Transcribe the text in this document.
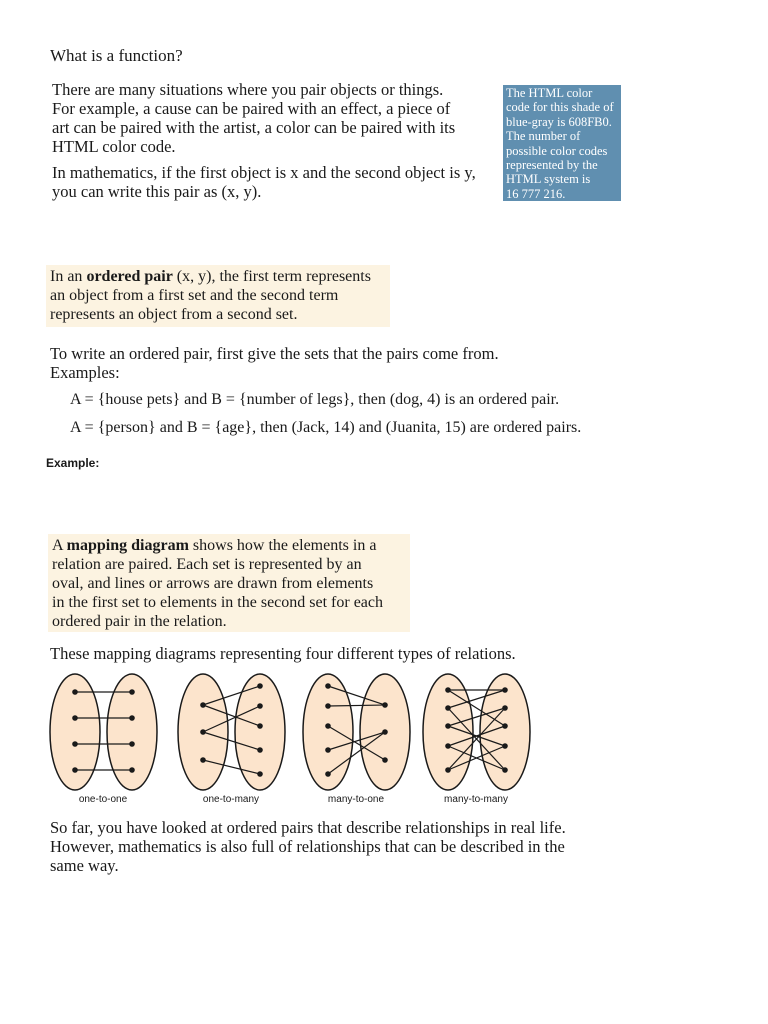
What is a function?
There are many situations where you pair objects or things.
For example, a cause can be paired with an effect, a piece of
art can be paired with the artist, a color can be paired with its
HTML color code.
In mathematics, if the first object is x and the second object is y,
you can write this pair as (x, y).
The HTML color
code for this shade of
blue-gray is 608FB0.
The number of
possible color codes
represented by the
HTML system is
16 777 216.
In an ordered pair (x, y), the first term represents
an object from a first set and the second term
represents an object from a second set.
To write an ordered pair, first give the sets that the pairs come from.
Examples:
A = {house pets} and B = {number of legs}, then (dog, 4) is an ordered pair.
A = {person} and B = {age}, then (Jack, 14) and (Juanita, 15) are ordered pairs.
Example:
A mapping diagram shows how the elements in a
relation are paired. Each set is represented by an
oval, and lines or arrows are drawn from elements
in the first set to elements in the second set for each
ordered pair in the relation.
These mapping diagrams representing four different types of relations.
one-to-one	one-to-many	many-to-one	many-to-many
So far, you have looked at ordered pairs that describe relationships in real life.
However, mathematics is also full of relationships that can be described in the
same way.
